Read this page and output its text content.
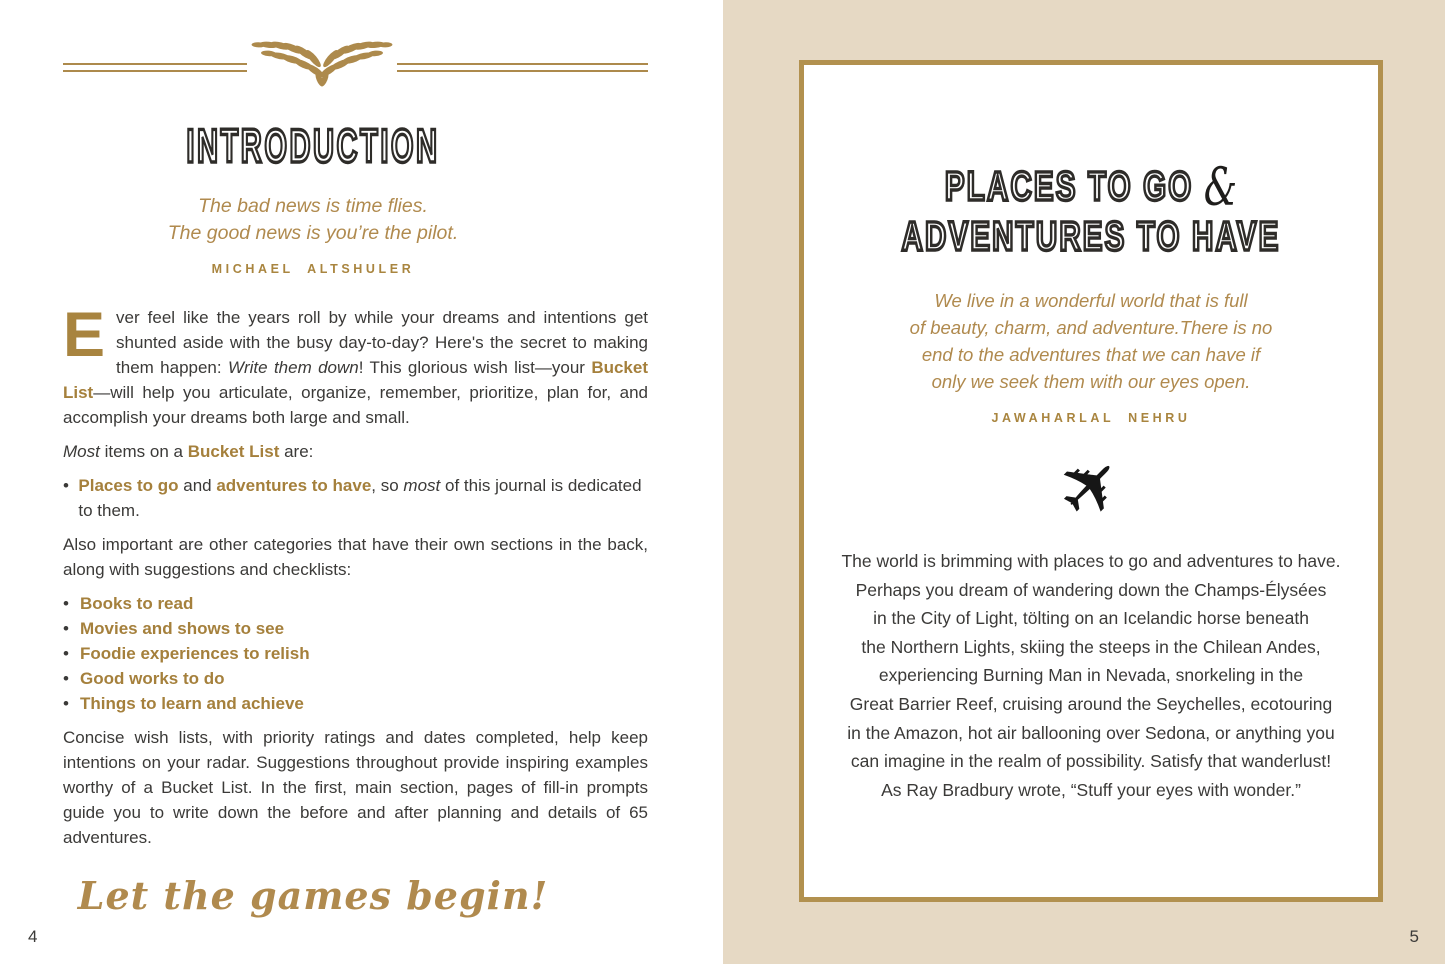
INTRODUCTION
The bad news is time flies.
The good news is you’re the pilot.
MICHAEL ALTSHULER

Ever feel like the years roll by while your dreams and intentions get shunted aside with the busy day-to-day? Here's the secret to making them happen: Write them down! This glorious wish list—your Bucket List—will help you articulate, organize, remember, prioritize, plan for, and accomplish your dreams both large and small.

Most items on a Bucket List are:

• Places to go and adventures to have, so most of this journal is dedicated to them.

Also important are other categories that have their own sections in the back, along with suggestions and checklists:

• Books to read
• Movies and shows to see
• Foodie experiences to relish
• Good works to do
• Things to learn and achieve

Concise wish lists, with priority ratings and dates completed, help keep intentions on your radar. Suggestions throughout provide inspiring examples worthy of a Bucket List. In the first, main section, pages of fill-in prompts guide you to write down the before and after planning and details of 65 adventures.

Let the games begin!
4
PLACES TO GO &
ADVENTURES TO HAVE
We live in a wonderful world that is full
of beauty, charm, and adventure.There is no
end to the adventures that we can have if
only we seek them with our eyes open.
JAWAHARLAL NEHRU
✈
The world is brimming with places to go and adventures to have.
Perhaps you dream of wandering down the Champs-Élysées
in the City of Light, tölting on an Icelandic horse beneath
the Northern Lights, skiing the steeps in the Chilean Andes,
experiencing Burning Man in Nevada, snorkeling in the
Great Barrier Reef, cruising around the Seychelles, ecotouring
in the Amazon, hot air ballooning over Sedona, or anything you
can imagine in the realm of possibility. Satisfy that wanderlust!
As Ray Bradbury wrote, “Stuff your eyes with wonder.”
5
